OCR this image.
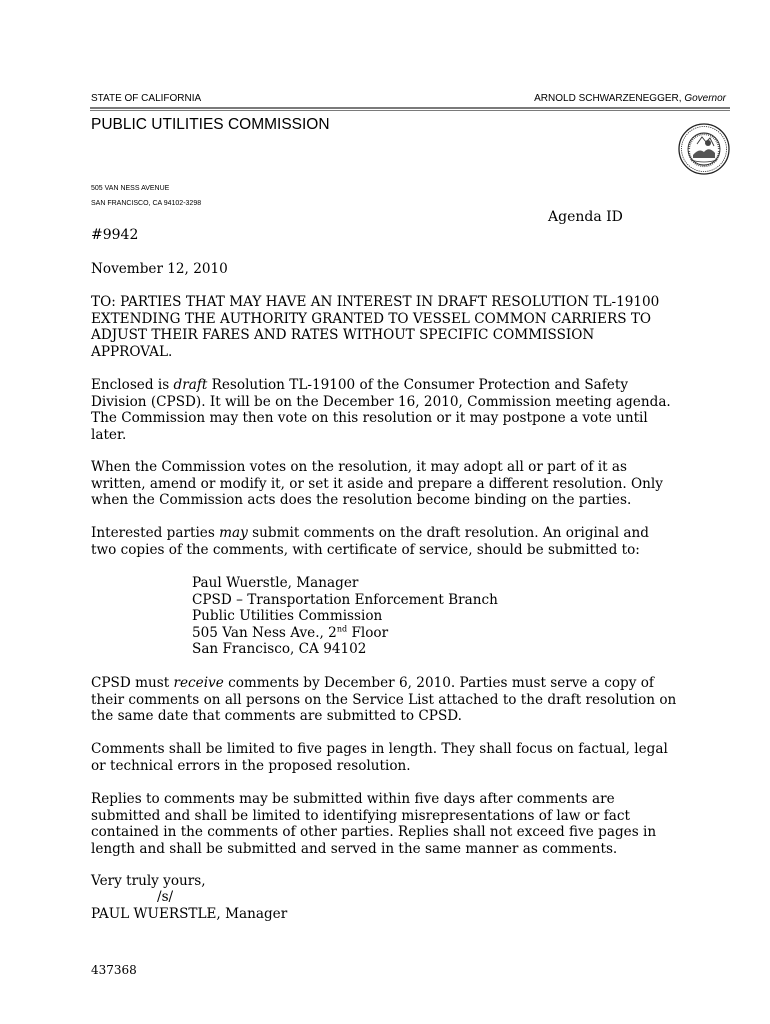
STATE OF CALIFORNIA	ARNOLD SCHWARZENEGGER, Governor
PUBLIC UTILITIES COMMISSION
505 VAN NESS AVENUE
SAN FRANCISCO, CA 94102-3298
Agenda ID
#9942
November 12, 2010
TO: PARTIES THAT MAY HAVE AN INTEREST IN DRAFT RESOLUTION TL-19100
EXTENDING THE AUTHORITY GRANTED TO VESSEL COMMON CARRIERS TO
ADJUST THEIR FARES AND RATES WITHOUT SPECIFIC COMMISSION
APPROVAL.
Enclosed is draft Resolution TL-19100 of the Consumer Protection and Safety
Division (CPSD). It will be on the December 16, 2010, Commission meeting agenda.
The Commission may then vote on this resolution or it may postpone a vote until
later.
When the Commission votes on the resolution, it may adopt all or part of it as
written, amend or modify it, or set it aside and prepare a different resolution. Only
when the Commission acts does the resolution become binding on the parties.
Interested parties may submit comments on the draft resolution. An original and
two copies of the comments, with certificate of service, should be submitted to:
Paul Wuerstle, Manager
CPSD – Transportation Enforcement Branch
Public Utilities Commission
505 Van Ness Ave., 2nd Floor
San Francisco, CA 94102
CPSD must receive comments by December 6, 2010. Parties must serve a copy of
their comments on all persons on the Service List attached to the draft resolution on
the same date that comments are submitted to CPSD.
Comments shall be limited to five pages in length. They shall focus on factual, legal
or technical errors in the proposed resolution.
Replies to comments may be submitted within five days after comments are
submitted and shall be limited to identifying misrepresentations of law or fact
contained in the comments of other parties. Replies shall not exceed five pages in
length and shall be submitted and served in the same manner as comments.
Very truly yours,
/s/
PAUL WUERSTLE, Manager
437368
